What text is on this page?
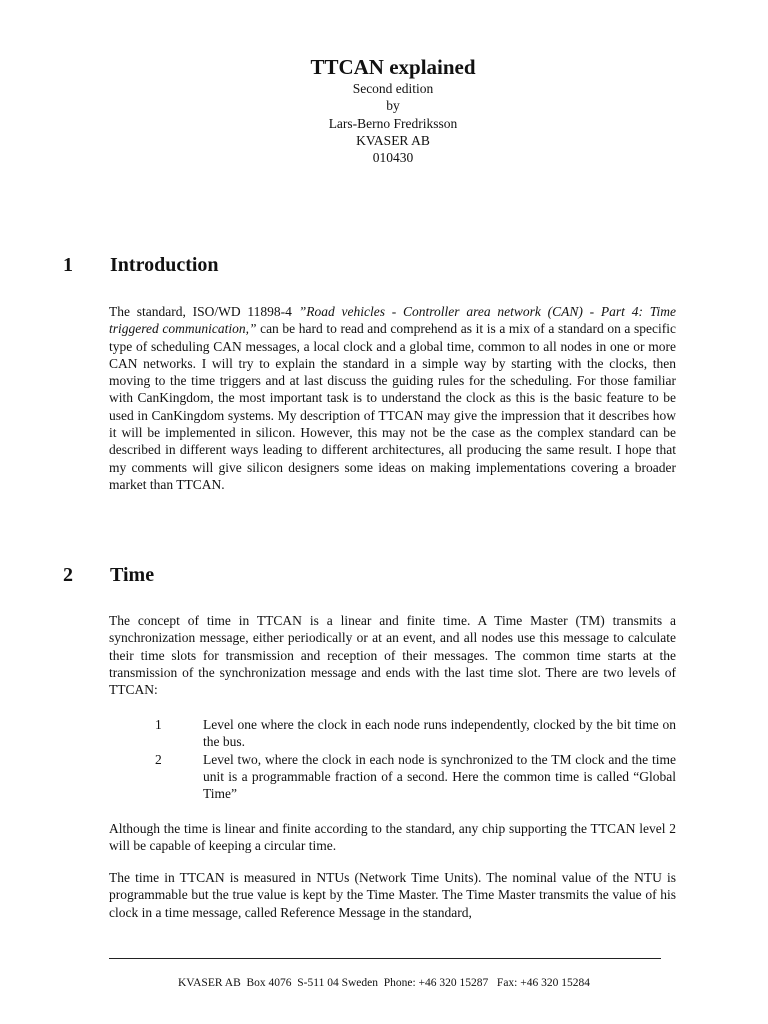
TTCAN explained

Second edition

by

Lars-Berno Fredriksson

KVASER AB

010430

1 Introduction

The standard, ISO/WD 11898-4 ”Road vehicles - Controller area network (CAN) - Part 4: Time triggered communication,” can be hard to read and comprehend as it is a mix of a standard on a specific type of scheduling CAN messages, a local clock and a global time, common to all nodes in one or more CAN networks. I will try to explain the standard in a simple way by starting with the clocks, then moving to the time triggers and at last discuss the guiding rules for the scheduling. For those familiar with CanKingdom, the most important task is to understand the clock as this is the basic feature to be used in CanKingdom systems. My description of TTCAN may give the impression that it describes how it will be implemented in silicon. However, this may not be the case as the complex standard can be described in different ways leading to different architectures, all producing the same result. I hope that my comments will give silicon designers some ideas on making implementations covering a broader market than TTCAN.

2 Time

The concept of time in TTCAN is a linear and finite time. A Time Master (TM) transmits a synchronization message, either periodically or at an event, and all nodes use this message to calculate their time slots for transmission and reception of their messages. The common time starts at the transmission of the synchronization message and ends with the last time slot. There are two levels of TTCAN:

1	Level one where the clock in each node runs independently, clocked by the bit time on the bus.
2	Level two, where the clock in each node is synchronized to the TM clock and the time unit is a programmable fraction of a second. Here the common time is called “Global Time”

Although the time is linear and finite according to the standard, any chip supporting the TTCAN level 2 will be capable of keeping a circular time.

The time in TTCAN is measured in NTUs (Network Time Units). The nominal value of the NTU is programmable but the true value is kept by the Time Master. The Time Master transmits the value of his clock in a time message, called Reference Message in the standard,

KVASER AB  Box 4076  S-511 04 Sweden  Phone: +46 320 15287   Fax: +46 320 15284
